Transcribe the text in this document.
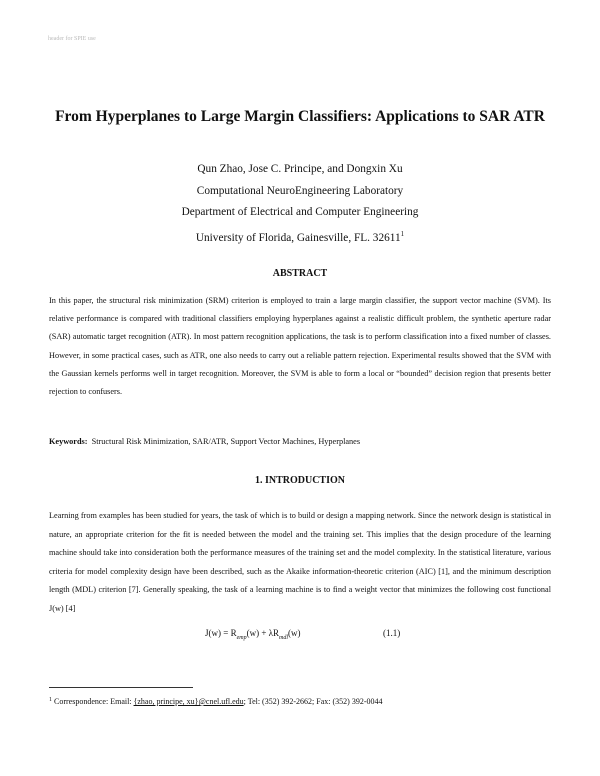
header for SPIE use
From Hyperplanes to Large Margin Classifiers: Applications to SAR ATR
Qun Zhao, Jose C. Principe, and Dongxin Xu
Computational NeuroEngineering Laboratory
Department of Electrical and Computer Engineering
University of Florida, Gainesville, FL. 32611$^1$
ABSTRACT

In this paper, the structural risk minimization (SRM) criterion is employed to train a large margin classifier, the support vector machine (SVM). Its relative performance is compared with traditional classifiers employing hyperplanes against a realistic difficult problem, the synthetic aperture radar (SAR) automatic target recognition (ATR). In most pattern recognition applications, the task is to perform classification into a fixed number of classes. However, in some practical cases, such as ATR, one also needs to carry out a reliable pattern rejection. Experimental results showed that the SVM with the Gaussian kernels performs well in target recognition. Moreover, the SVM is able to form a local or “bounded” decision region that presents better rejection to confusers.

Keywords: Structural Risk Minimization, SAR/ATR, Support Vector Machines, Hyperplanes
1. INTRODUCTION

Learning from examples has been studied for years, the task of which is to build or design a mapping network. Since the network design is statistical in nature, an appropriate criterion for the fit is needed between the model and the training set. This implies that the design procedure of the learning machine should take into consideration both the performance measures of the training set and the model complexity. In the statistical literature, various criteria for model complexity design have been described, such as the Akaike information-theoretic criterion (AIC) [1], and the minimum description length (MDL) criterion [7]. Generally speaking, the task of a learning machine is to find a weight vector that minimizes the following cost functional J(w) [4]

$J(w) = R_{emp}(w) + \lambda R_{mdl}(w)$	(1.1)
$^1$ Correspondence: Email: {zhao, principe, xu}@cnel.ufl.edu; Tel: (352) 392-2662; Fax: (352) 392-0044
